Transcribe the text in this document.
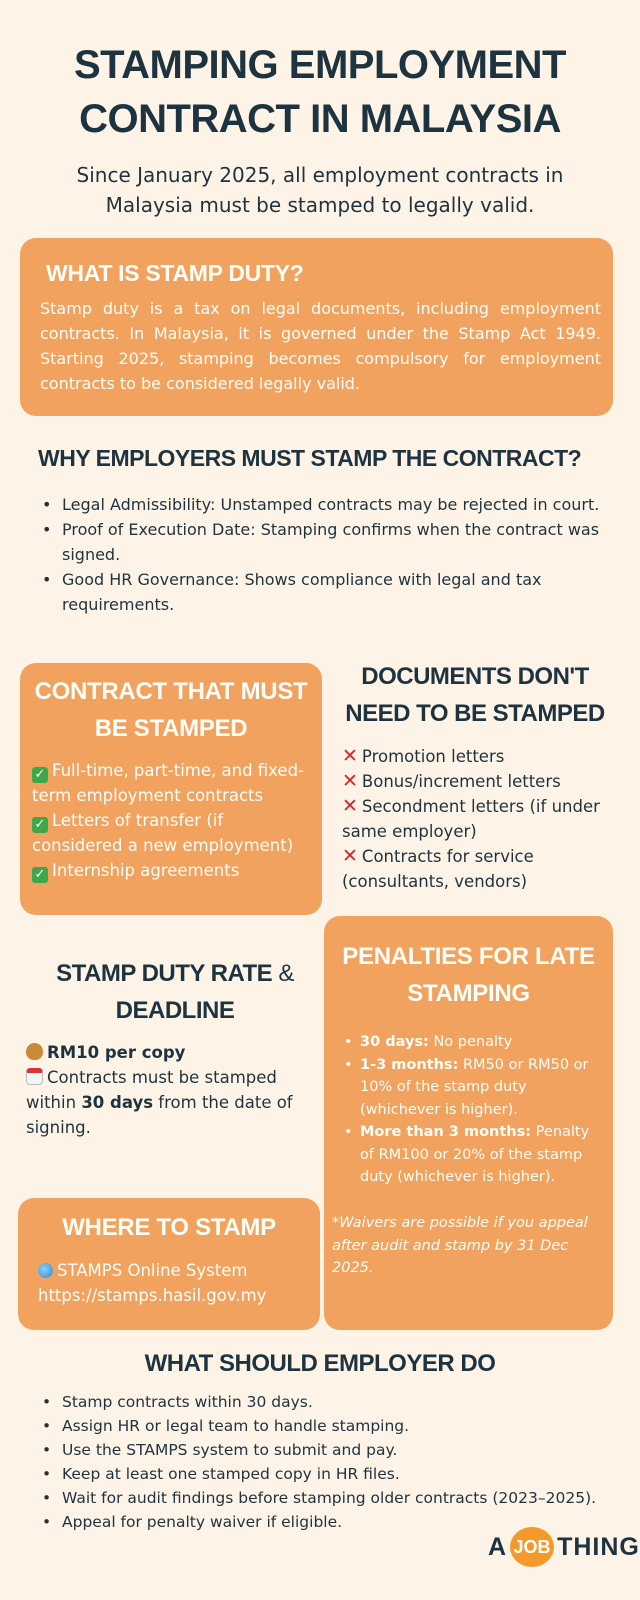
STAMPING EMPLOYMENT CONTRACT IN MALAYSIA

Since January 2025, all employment contracts in Malaysia must be stamped to legally valid.

WHAT IS STAMP DUTY?

Stamp duty is a tax on legal documents, including employment contracts. In Malaysia, it is governed under the Stamp Act 1949. Starting 2025, stamping becomes compulsory for employment contracts to be considered legally valid.

WHY EMPLOYERS MUST STAMP THE CONTRACT?
• Legal Admissibility: Unstamped contracts may be rejected in court.
• Proof of Execution Date: Stamping confirms when the contract was signed.
• Good HR Governance: Shows compliance with legal and tax requirements.
CONTRACT THAT MUST BE STAMPED
✓ Full-time, part-time, and fixed-term employment contracts
✓ Letters of transfer (if considered a new employment)
✓ Internship agreements
DOCUMENTS DON'T NEED TO BE STAMPED
✕ Promotion letters
✕ Bonus/increment letters
✕ Secondment letters (if under same employer)
✕ Contracts for service (consultants, vendors)
STAMP DUTY RATE &
DEADLINE
RM10 per copy
Contracts must be stamped within 30 days from the date of signing.
PENALTIES FOR LATE STAMPING
• 30 days: No penalty
• 1-3 months: RM50 or RM50 or 10% of the stamp duty (whichever is higher).
• More than 3 months: Penalty of RM100 or 20% of the stamp duty (whichever is higher).

*Waivers are possible if you appeal after audit and stamp by 31 Dec 2025.

WHERE TO STAMP
STAMPS Online System
https://stamps.hasil.gov.my
WHAT SHOULD EMPLOYER DO
• Stamp contracts within 30 days.
• Assign HR or legal team to handle stamping.
• Use the STAMPS system to submit and pay.
• Keep at least one stamped copy in HR files.
• Wait for audit findings before stamping older contracts (2023–2025).
• Appeal for penalty waiver if eligible.
A JOB THING
